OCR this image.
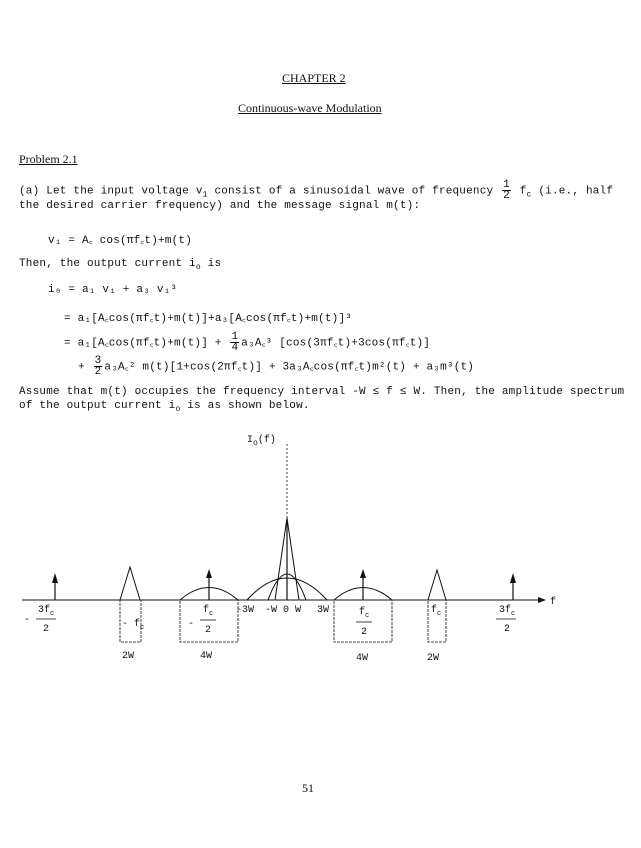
CHAPTER 2
Continuous-wave Modulation
Problem 2.1
(a) Let the input voltage $v_1$ consist of a sinusoidal wave of frequency $\frac{1}{2} f_c$ (i.e., half
the desired carrier frequency) and the message signal m(t):
v₁ = A꜀ cos(πf꜀t)+m(t)
Then, the output current $i_o$ is
i₀ = a₁ v₁ + a₃ v₁³
= a₁[A꜀cos(πf꜀t)+m(t)]+a₃[A꜀cos(πf꜀t)+m(t)]³
= a₁[A꜀cos(πf꜀t)+m(t)] + $\frac{1}{4}$ a₃A꜀³ [cos(3πf꜀t)+3cos(πf꜀t)]
+ $\frac{3}{2}$ a₃A꜀² m(t)[1+cos(2πf꜀t)] + 3a₃A꜀cos(πf꜀t)m²(t) + a₃m³(t)
Assume that m(t) occupies the frequency interval -W ≤ f ≤ W. Then, the amplitude spectrum
of the output current $i_o$ is as shown below.
f
$I_o(f)$
$3f_c$
-
2	- $f_c$	-
$f_c$
2
-3W -W 0 W 3W	$f_c$
2
$f_c$	$3f_c$
2
2W	4W	4W	2W
51
